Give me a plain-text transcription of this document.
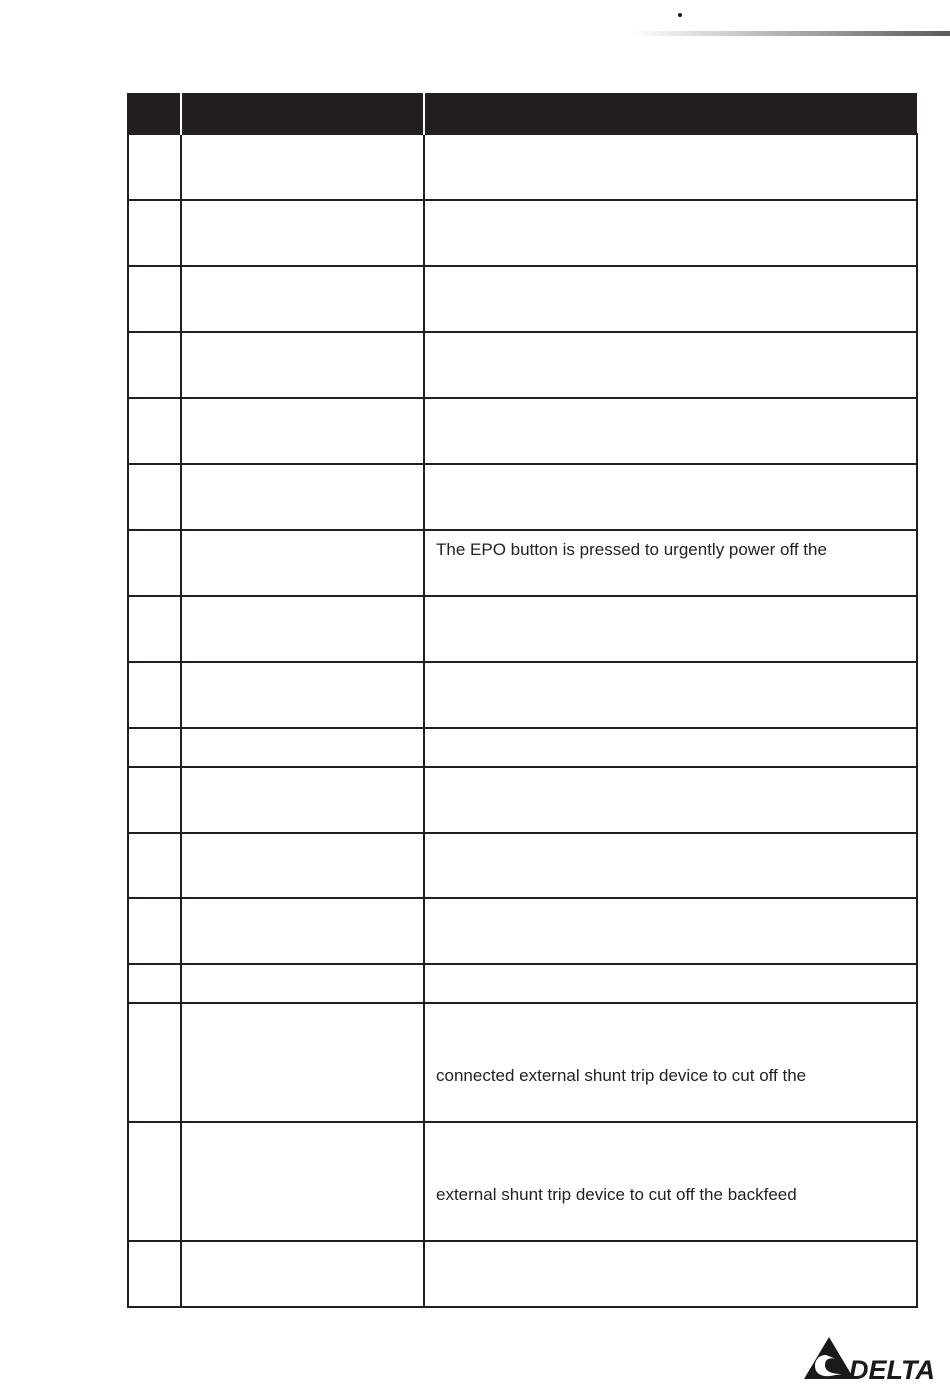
		The EPO button is pressed to urgently power off the

		connected external shunt trip device to cut off the

		external shunt trip device to cut off the backfeed

DELTA
